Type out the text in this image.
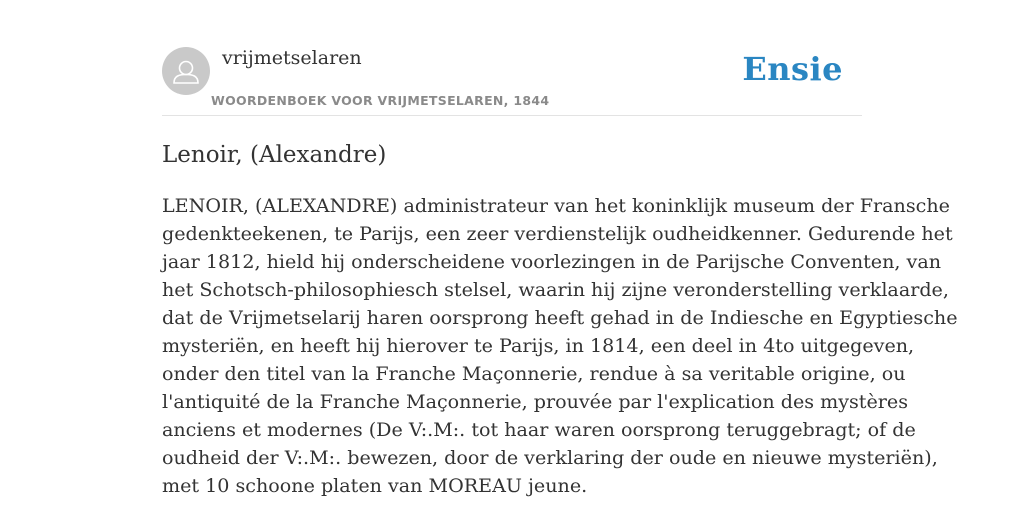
vrijmetselaren
WOORDENBOEK VOOR VRIJMETSELAREN, 1844
Ensie
Lenoir, (Alexandre)
LENOIR, (ALEXANDRE) administrateur van het koninklijk museum der Fransche
gedenkteekenen, te Parijs, een zeer verdienstelijk oudheidkenner. Gedurende het
jaar 1812, hield hij onderscheidene voorlezingen in de Parijsche Conventen, van
het Schotsch-philosophiesch stelsel, waarin hij zijne veronderstelling verklaarde,
dat de Vrijmetselarij haren oorsprong heeft gehad in de Indiesche en Egyptiesche
mysteriën, en heeft hij hierover te Parijs, in 1814, een deel in 4to uitgegeven,
onder den titel van la Franche Maçonnerie, rendue à sa veritable origine, ou
l'antiquité de la Franche Maçonnerie, prouvée par l'explication des mystères
anciens et modernes (De V:.M:. tot haar waren oorsprong teruggebragt; of de
oudheid der V:.M:. bewezen, door de verklaring der oude en nieuwe mysteriën),
met 10 schoone platen van MOREAU jeune.
